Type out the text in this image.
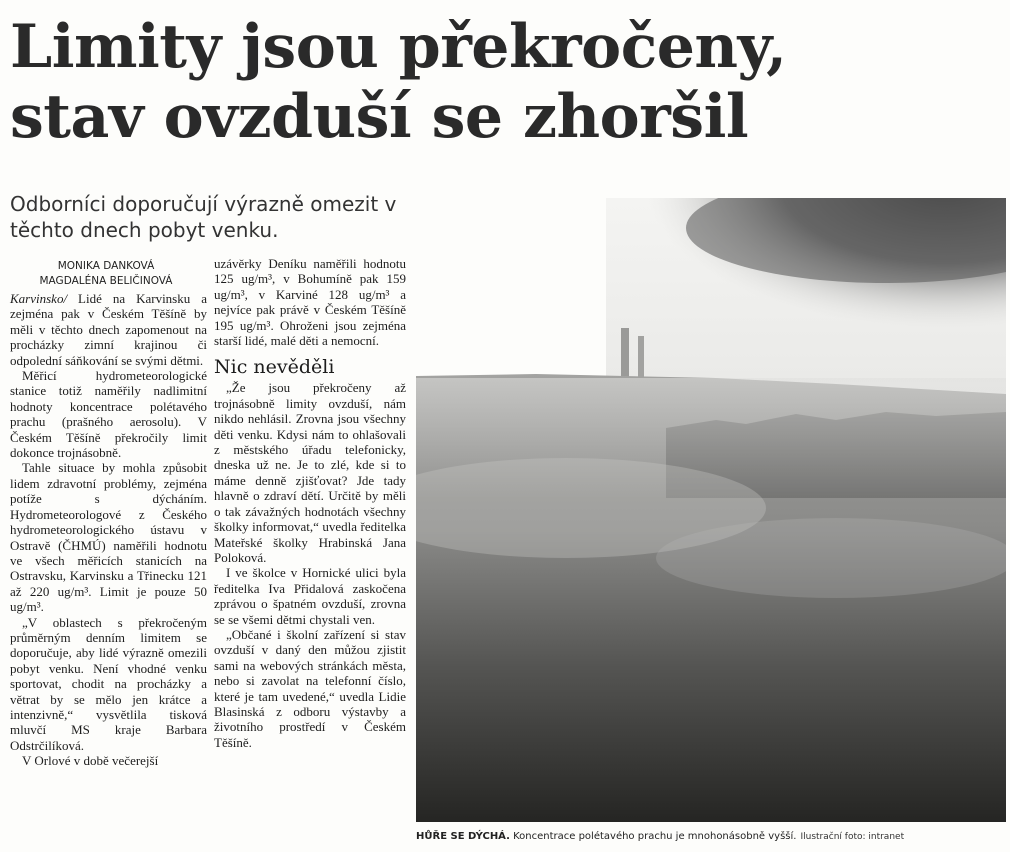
Limity jsou překročeny,
stav ovzduší se zhoršil

Odborníci doporučují výrazně omezit v těchto dnech pobyt venku.

MONIKA DANKOVÁ
MAGDALÉNA BELIČINOVÁ

Karvinsko/ Lidé na Karvinsku a zejména pak v Českém Těšíně by měli v těchto dnech zapomenout na procházky zimní krajinou či odpolední sáňkování se svými dětmi.

Měřicí hydrometeorologické stanice totiž naměřily nadlimitní hodnoty koncentrace polétavého prachu (prašného aerosolu). V Českém Těšíně překročily limit dokonce trojnásobně.

Tahle situace by mohla způsobit lidem zdravotní problémy, zejména potíže s dýcháním. Hydrometeorologové z Českého hydrometeorologického ústavu v Ostravě (ČHMÚ) naměřili hodnotu ve všech měřicích stanicích na Ostravsku, Karvinsku a Třinecku 121 až 220 ug/m³. Limit je pouze 50 ug/m³.

„V oblastech s překročeným průměrným denním limitem se doporučuje, aby lidé výrazně omezili pobyt venku. Není vhodné venku sportovat, chodit na procházky a větrat by se mělo jen krátce a intenzivně,“ vysvětlila tisková mluvčí MS kraje Barbara Odstrčilíková.

V Orlové v době večerejší

uzávěrky Deníku naměřili hodnotu 125 ug/m³, v Bohumíně pak 159 ug/m³, v Karviné 128 ug/m³ a nejvíce pak právě v Českém Těšíně 195 ug/m³. Ohroženi jsou zejména starší lidé, malé děti a nemocní.

Nic nevěděli

„Že jsou překročeny až trojnásobně limity ovzduší, nám nikdo nehlásil. Zrovna jsou všechny děti venku. Kdysi nám to ohlašovali z městského úřadu telefonicky, dneska už ne. Je to zlé, kde si to máme denně zjišťovat? Jde tady hlavně o zdraví dětí. Určitě by měli o tak závažných hodnotách všechny školky informovat,“ uvedla ředitelka Mateřské školky Hrabinská Jana Poloková.

I ve školce v Hornické ulici byla ředitelka Iva Přidalová zaskočena zprávou o špatném ovzduší, zrovna se se všemi dětmi chystali ven.

„Občané i školní zařízení si stav ovzduší v daný den můžou zjistit sami na webových stránkách města, nebo si zavolat na telefonní číslo, které je tam uvedené,“ uvedla Lidie Blasinská z odboru výstavby a životního prostředí v Českém Těšíně.

HŮŘE SE DÝCHÁ. Koncentrace polétavého prachu je mnohonásobně vyšší. Ilustrační foto: intranet
